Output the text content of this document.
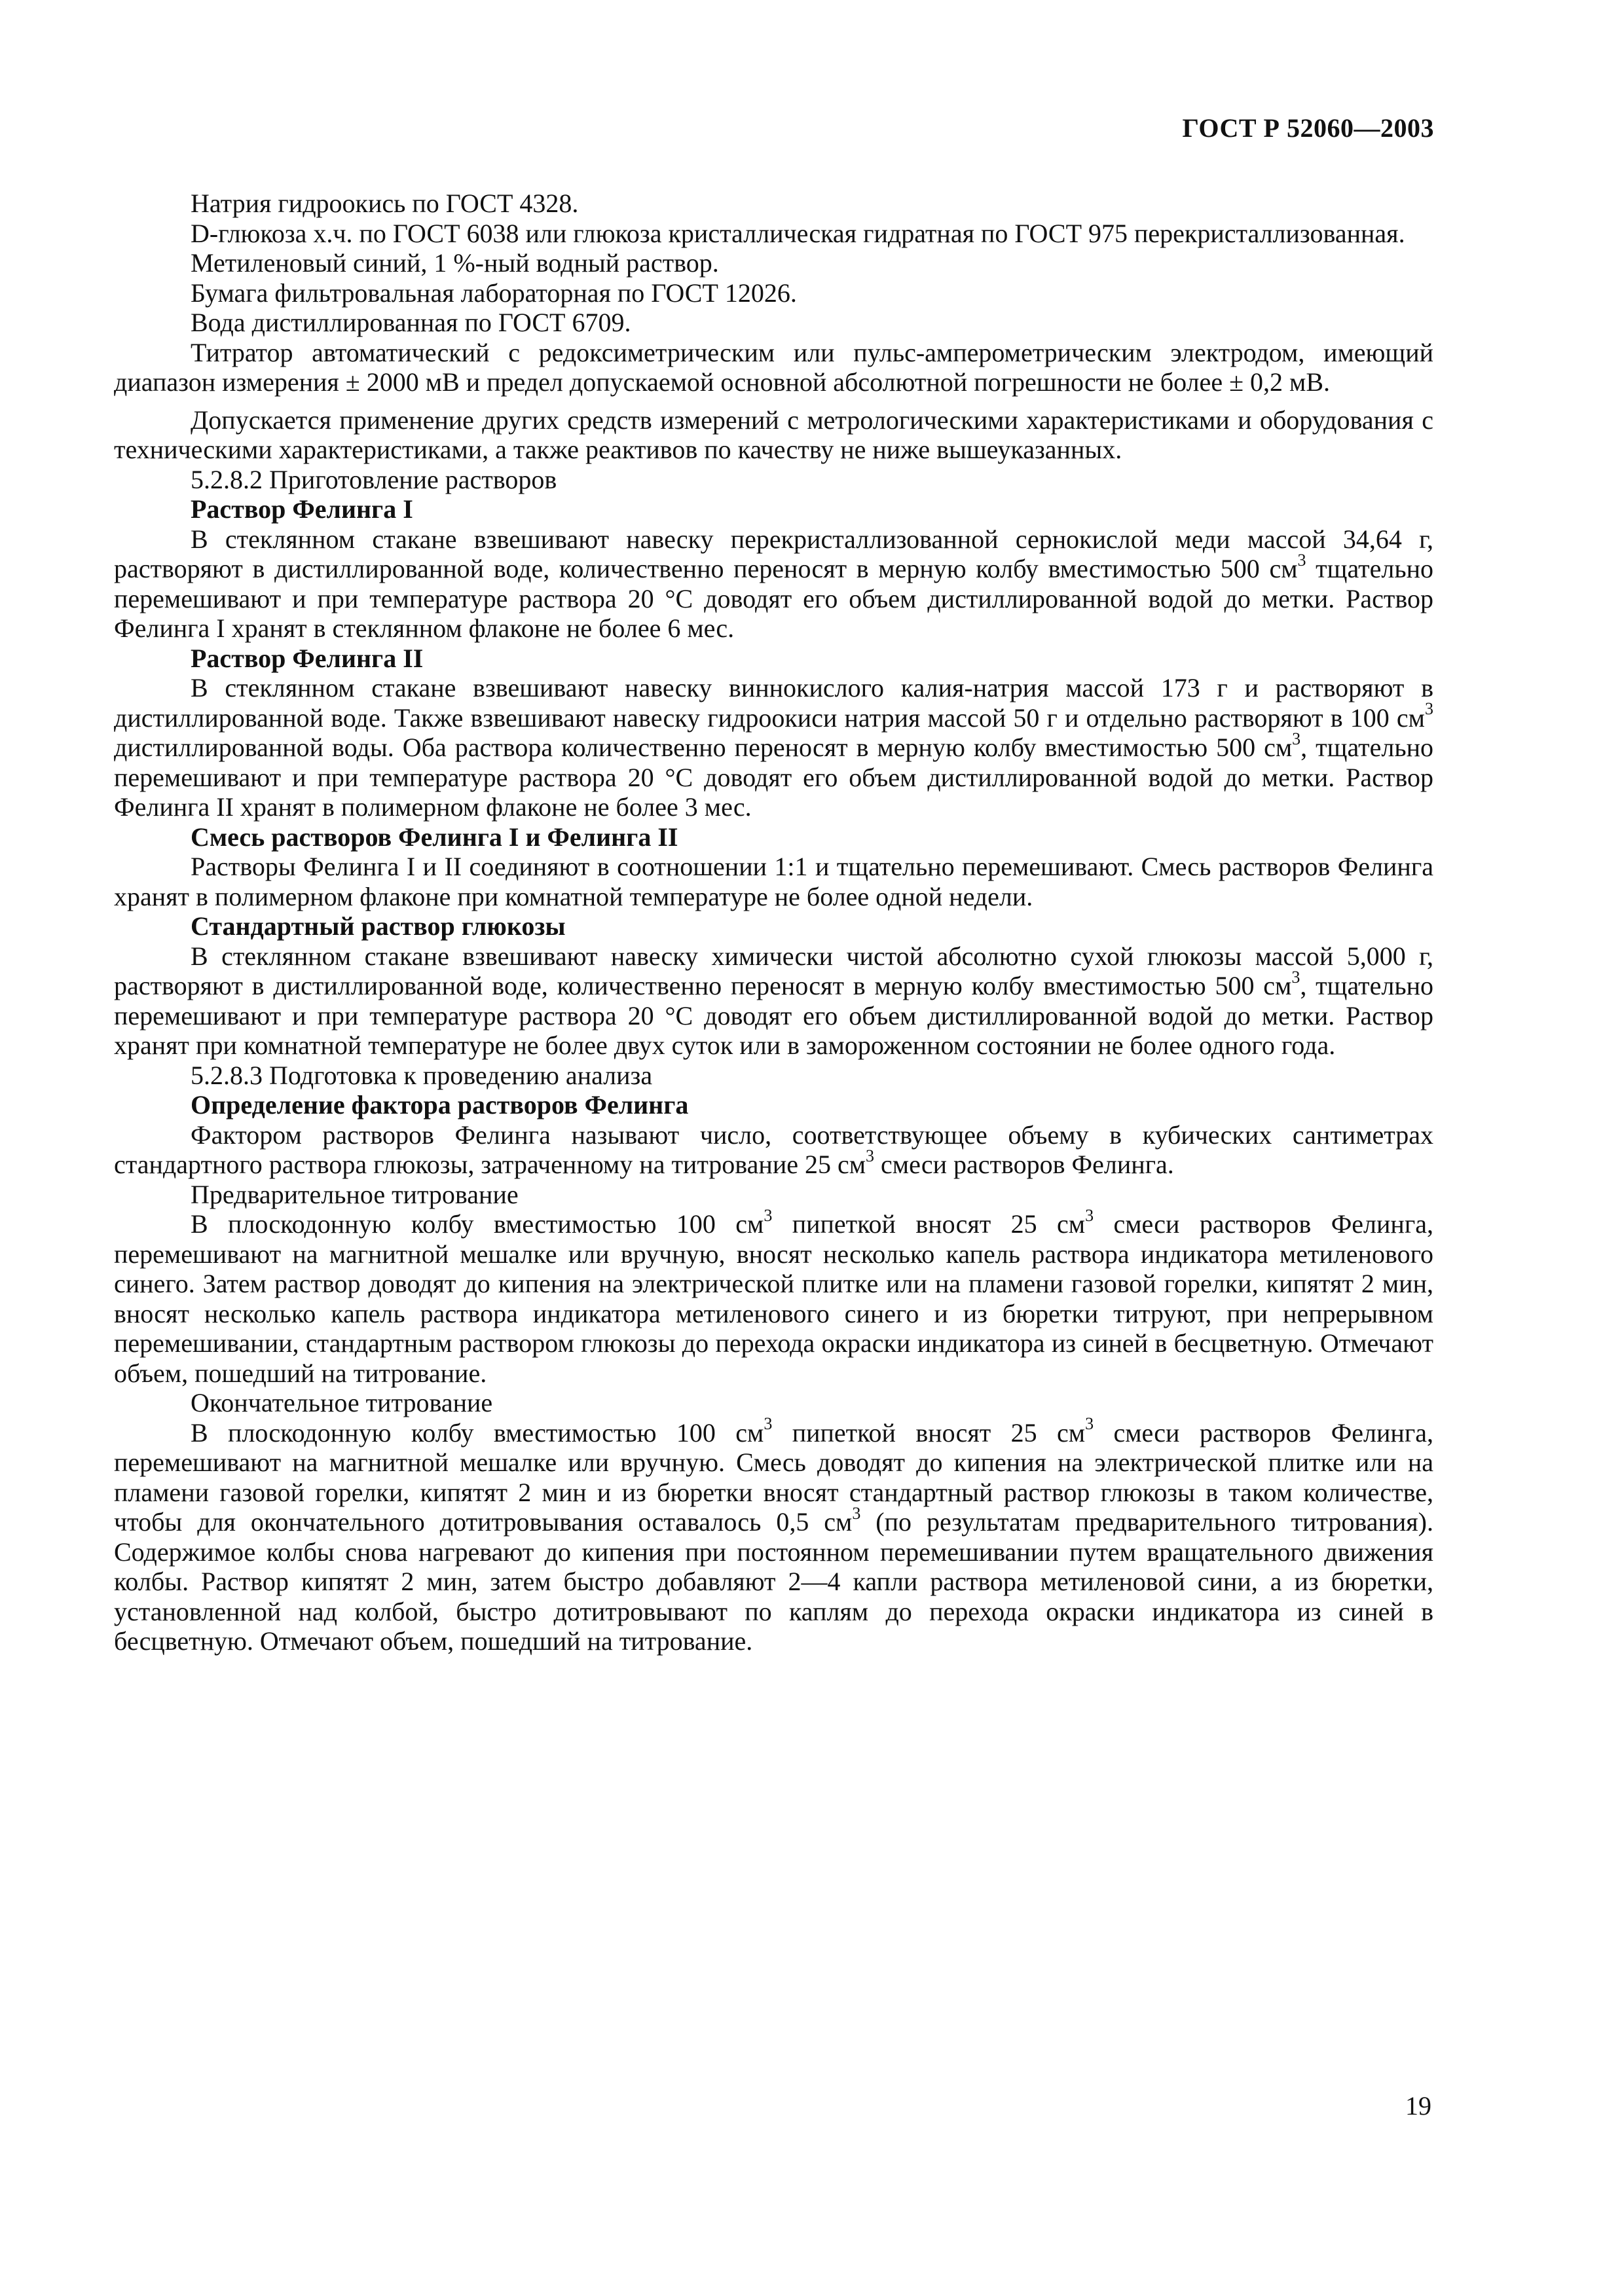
ГОСТ Р 52060—2003

Натрия гидроокись по ГОСТ 4328.

D-глюкоза х.ч. по ГОСТ 6038 или глюкоза кристаллическая гидратная по ГОСТ 975 перекристаллизованная.

Метиленовый синий, 1 %-ный водный раствор.

Бумага фильтровальная лабораторная по ГОСТ 12026.

Вода дистиллированная по ГОСТ 6709.

Титратор автоматический с редоксиметрическим или пульс-амперометрическим электродом, имеющий диапазон измерения ± 2000 мВ и предел допускаемой основной абсолютной погрешности не более ± 0,2 мВ.

Допускается применение других средств измерений с метрологическими характеристиками и оборудования с техническими характеристиками, а также реактивов по качеству не ниже вышеуказанных.

5.2.8.2 Приготовление растворов

Раствор Фелинга I

В стеклянном стакане взвешивают навеску перекристаллизованной сернокислой меди массой 34,64 г, растворяют в дистиллированной воде, количественно переносят в мерную колбу вместимостью 500 $см^3$ тщательно перемешивают и при температуре раствора 20 °С доводят его объем дистиллированной водой до метки. Раствор Фелинга I хранят в стеклянном флаконе не более 6 мес.

Раствор Фелинга II

В стеклянном стакане взвешивают навеску виннокислого калия-натрия массой 173 г и растворяют в дистиллированной воде. Также взвешивают навеску гидроокиси натрия массой 50 г и отдельно растворяют в 100 $см^3$ дистиллированной воды. Оба раствора количественно переносят в мерную колбу вместимостью 500 $см^3$, тщательно перемешивают и при температуре раствора 20 °С доводят его объем дистиллированной водой до метки. Раствор Фелинга II хранят в полимерном флаконе не более 3 мес.

Смесь растворов Фелинга I и Фелинга II

Растворы Фелинга I и II соединяют в соотношении 1:1 и тщательно перемешивают. Смесь растворов Фелинга хранят в полимерном флаконе при комнатной температуре не более одной недели.

Стандартный раствор глюкозы

В стеклянном стакане взвешивают навеску химически чистой абсолютно сухой глюкозы массой 5,000 г, растворяют в дистиллированной воде, количественно переносят в мерную колбу вместимостью 500 $см^3$, тщательно перемешивают и при температуре раствора 20 °С доводят его объем дистиллированной водой до метки. Раствор хранят при комнатной температуре не более двух суток или в замороженном состоянии не более одного года.

5.2.8.3 Подготовка к проведению анализа

Определение фактора растворов Фелинга

Фактором растворов Фелинга называют число, соответствующее объему в кубических сантиметрах стандартного раствора глюкозы, затраченному на титрование 25 $см^3$ смеси растворов Фелинга.

Предварительное титрование

В плоскодонную колбу вместимостью 100 $см^3$ пипеткой вносят 25 $см^3$ смеси растворов Фелинга, перемешивают на магнитной мешалке или вручную, вносят несколько капель раствора индикатора метиленового синего. Затем раствор доводят до кипения на электрической плитке или на пламени газовой горелки, кипятят 2 мин, вносят несколько капель раствора индикатора метиленового синего и из бюретки титруют, при непрерывном перемешивании, стандартным раствором глюкозы до перехода окраски индикатора из синей в бесцветную. Отмечают объем, пошедший на титрование.

Окончательное титрование

В плоскодонную колбу вместимостью 100 $см^3$ пипеткой вносят 25 $см^3$ смеси растворов Фелинга, перемешивают на магнитной мешалке или вручную. Смесь доводят до кипения на электрической плитке или на пламени газовой горелки, кипятят 2 мин и из бюретки вносят стандартный раствор глюкозы в таком количестве, чтобы для окончательного дотитровывания оставалось 0,5 $см^3$ (по результатам предварительного титрования). Содержимое колбы снова нагревают до кипения при постоянном перемешивании путем вращательного движения колбы. Раствор кипятят 2 мин, затем быстро добавляют 2—4 капли раствора метиленовой сини, а из бюретки, установленной над колбой, быстро дотитровывают по каплям до перехода окраски индикатора из синей в бесцветную. Отмечают объем, пошедший на титрование.

19
